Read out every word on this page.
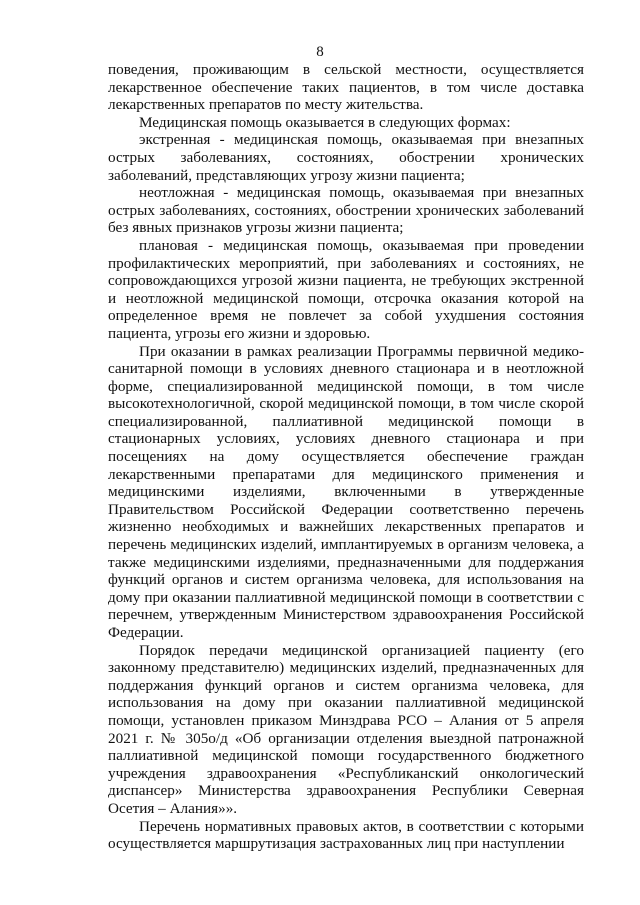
8

поведения, проживающим в сельской местности, осуществляется лекарственное обеспечение таких пациентов, в том числе доставка лекарственных препаратов по месту жительства.

Медицинская помощь оказывается в следующих формах:

экстренная - медицинская помощь, оказываемая при внезапных острых заболеваниях, состояниях, обострении хронических заболеваний, представляющих угрозу жизни пациента;

неотложная - медицинская помощь, оказываемая при внезапных острых заболеваниях, состояниях, обострении хронических заболеваний без явных признаков угрозы жизни пациента;

плановая - медицинская помощь, оказываемая при проведении профилактических мероприятий, при заболеваниях и состояниях, не сопровождающихся угрозой жизни пациента, не требующих экстренной и неотложной медицинской помощи, отсрочка оказания которой на определенное время не повлечет за собой ухудшения состояния пациента, угрозы его жизни и здоровью.

При оказании в рамках реализации Программы первичной медико-санитарной помощи в условиях дневного стационара и в неотложной форме, специализированной медицинской помощи, в том числе высокотехнологичной, скорой медицинской помощи, в том числе скорой специализированной, паллиативной медицинской помощи в стационарных условиях, условиях дневного стационара и при посещениях на дому осуществляется обеспечение граждан лекарственными препаратами для медицинского применения и медицинскими изделиями, включенными в утвержденные Правительством Российской Федерации соответственно перечень жизненно необходимых и важнейших лекарственных препаратов и перечень медицинских изделий, имплантируемых в организм человека, а также медицинскими изделиями, предназначенными для поддержания функций органов и систем организма человека, для использования на дому при оказании паллиативной медицинской помощи в соответствии с перечнем, утвержденным Министерством здравоохранения Российской Федерации.

Порядок передачи медицинской организацией пациенту (его законному представителю) медицинских изделий, предназначенных для поддержания функций органов и систем организма человека, для использования на дому при оказании паллиативной медицинской помощи, установлен приказом Минздрава РСО – Алания от 5 апреля 2021 г. № 305о/д «Об организации отделения выездной патронажной паллиативной медицинской помощи государственного бюджетного учреждения здравоохранения «Республиканский онкологический диспансер» Министерства здравоохранения Республики Северная Осетия – Алания»».

Перечень нормативных правовых актов, в соответствии с которыми осуществляется маршрутизация застрахованных лиц при наступлении
